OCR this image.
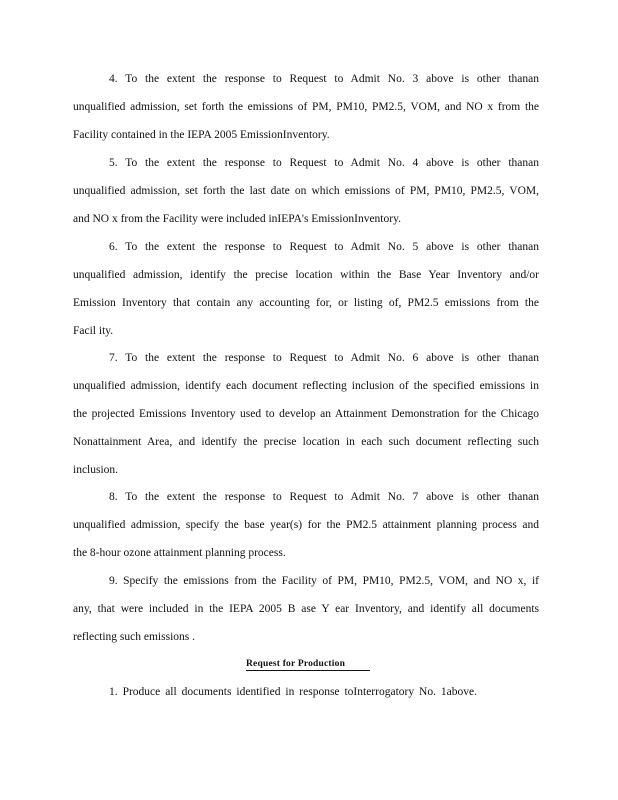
4. To the extent the response to Request to Admit No. 3 above is other thanan
unqualified admission, set forth the emissions of PM, PM10, PM2.5, VOM, and NO x from the
Facility contained in the IEPA 2005 EmissionInventory.
5. To the extent the response to Request to Admit No. 4 above is other thanan
unqualified admission, set forth the last date on which emissions of PM, PM10, PM2.5, VOM,
and NO x from the Facility were included inIEPA's EmissionInventory.
6. To the extent the response to Request to Admit No. 5 above is other thanan
unqualified admission, identify the precise location within the Base Year Inventory and/or
Emission Inventory that contain any accounting for, or listing of, PM2.5 emissions from the
Facil ity.
7. To the extent the response to Request to Admit No. 6 above is other thanan
unqualified admission, identify each document reflecting inclusion of the specified emissions in
the projected Emissions Inventory used to develop an Attainment Demonstration for the Chicago
Nonattainment Area, and identify the precise location in each such document reflecting such
inclusion.
8. To the extent the response to Request to Admit No. 7 above is other thanan
unqualified admission, specify the base year(s) for the PM2.5 attainment planning process and
the 8-hour ozone attainment planning process.
9. Specify the emissions from the Facility of PM, PM10, PM2.5, VOM, and NO x, if
any, that were included in the IEPA 2005 B ase Y ear Inventory, and identify all documents
reflecting such emissions .
Request for Production
1. Produce all documents identified in response toInterrogatory No. 1above.
